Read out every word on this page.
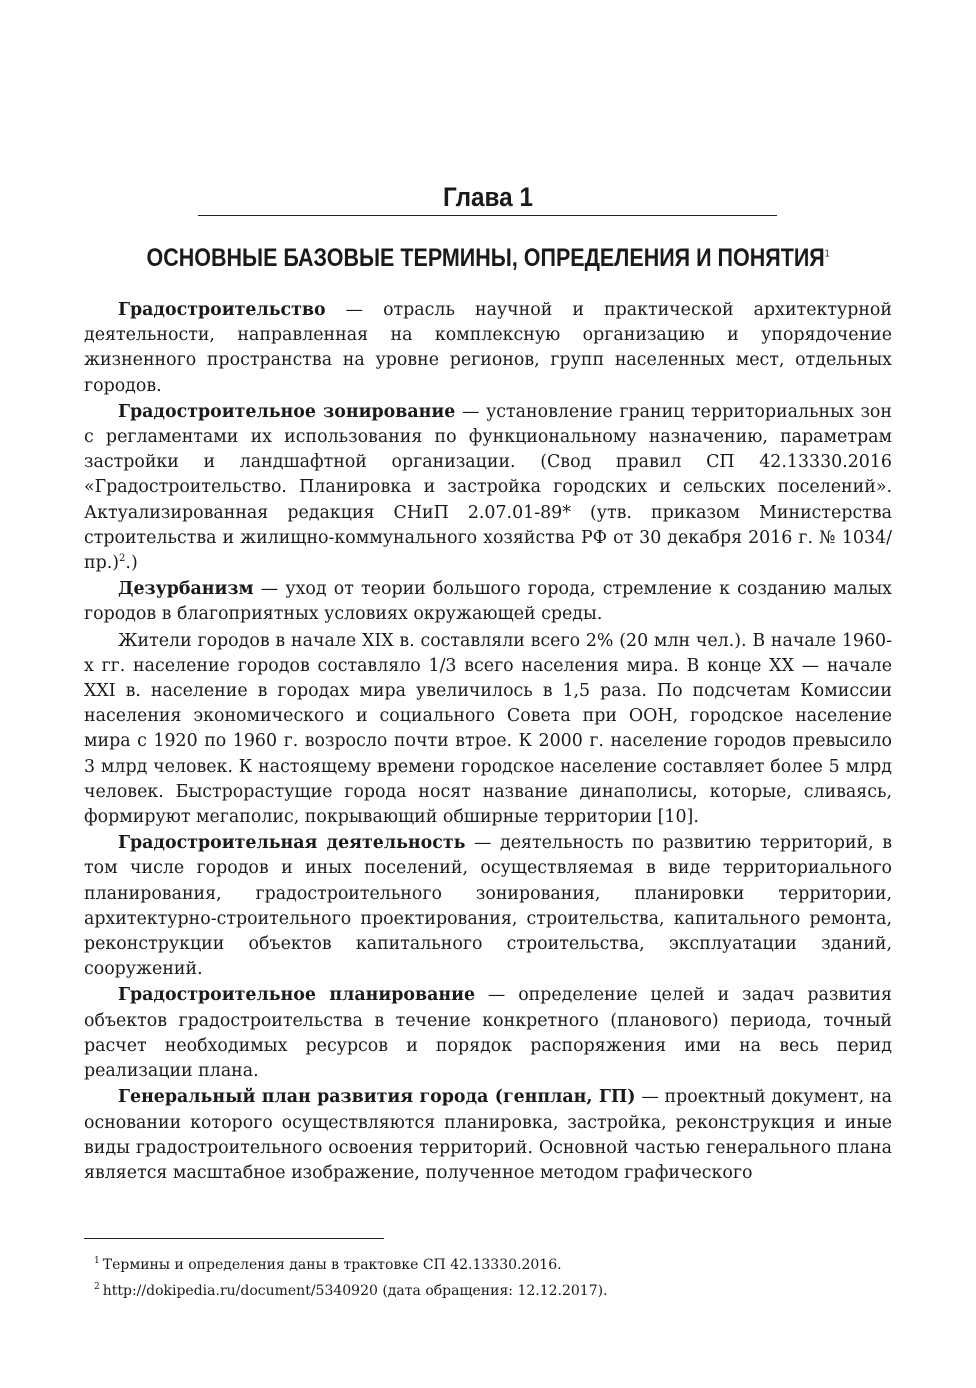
Глава 1
ОСНОВНЫЕ БАЗОВЫЕ ТЕРМИНЫ, ОПРЕДЕЛЕНИЯ И ПОНЯТИЯ$^1$

Градостроительство — отрасль научной и практической архитектурной деятельности, направленная на комплексную организацию и упорядочение жизненного пространства на уровне регионов, групп населенных мест, отдельных городов.

Градостроительное зонирование — установление границ территориальных зон с регламентами их использования по функциональному назначению, параметрам застройки и ландшафтной организации. (Свод правил СП 42.13330.2016 «Градостроительство. Планировка и застройка городских и сельских поселений». Актуализированная редакция СНиП 2.07.01-89* (утв. приказом Министерства строительства и жилищно-коммунального хозяйства РФ от 30 декабря 2016 г. № 1034/пр.)$^2$.)

Дезурбанизм — уход от теории большого города, стремление к созданию малых городов в благоприятных условиях окружающей среды.

Жители городов в начале XIX в. составляли всего 2% (20 млн чел.). В начале 1960-х гг. население городов составляло 1/3 всего населения мира. В конце XX — начале XXI в. население в городах мира увеличилось в 1,5 раза. По подсчетам Комиссии населения экономического и социального Совета при ООН, городское население мира с 1920 по 1960 г. возросло почти втрое. К 2000 г. население городов превысило 3 млрд человек. К настоящему времени городское население составляет более 5 млрд человек. Быстрорастущие города носят название динаполисы, которые, сливаясь, формируют мегаполис, покрывающий обширные территории [10].

Градостроительная деятельность — деятельность по развитию территорий, в том числе городов и иных поселений, осуществляемая в виде территориального планирования, градостроительного зонирования, планировки территории, архитектурно-строительного проектирования, строительства, капитального ремонта, реконструкции объектов капитального строительства, эксплуатации зданий, сооружений.

Градостроительное планирование — определение целей и задач развития объектов градостроительства в течение конкретного (планового) периода, точный расчет необходимых ресурсов и порядок распоряжения ими на весь перид реализации плана.

Генеральный план развития города (генплан, ГП) — проектный документ, на основании которого осуществляются планировка, застройка, реконструкция и иные виды градостроительного освоения территорий. Основной частью генерального плана является масштабное изображение, полученное методом графического

$^1$ Термины и определения даны в трактовке СП 42.13330.2016.
$^2$ http://dokipedia.ru/document/5340920 (дата обращения: 12.12.2017).
